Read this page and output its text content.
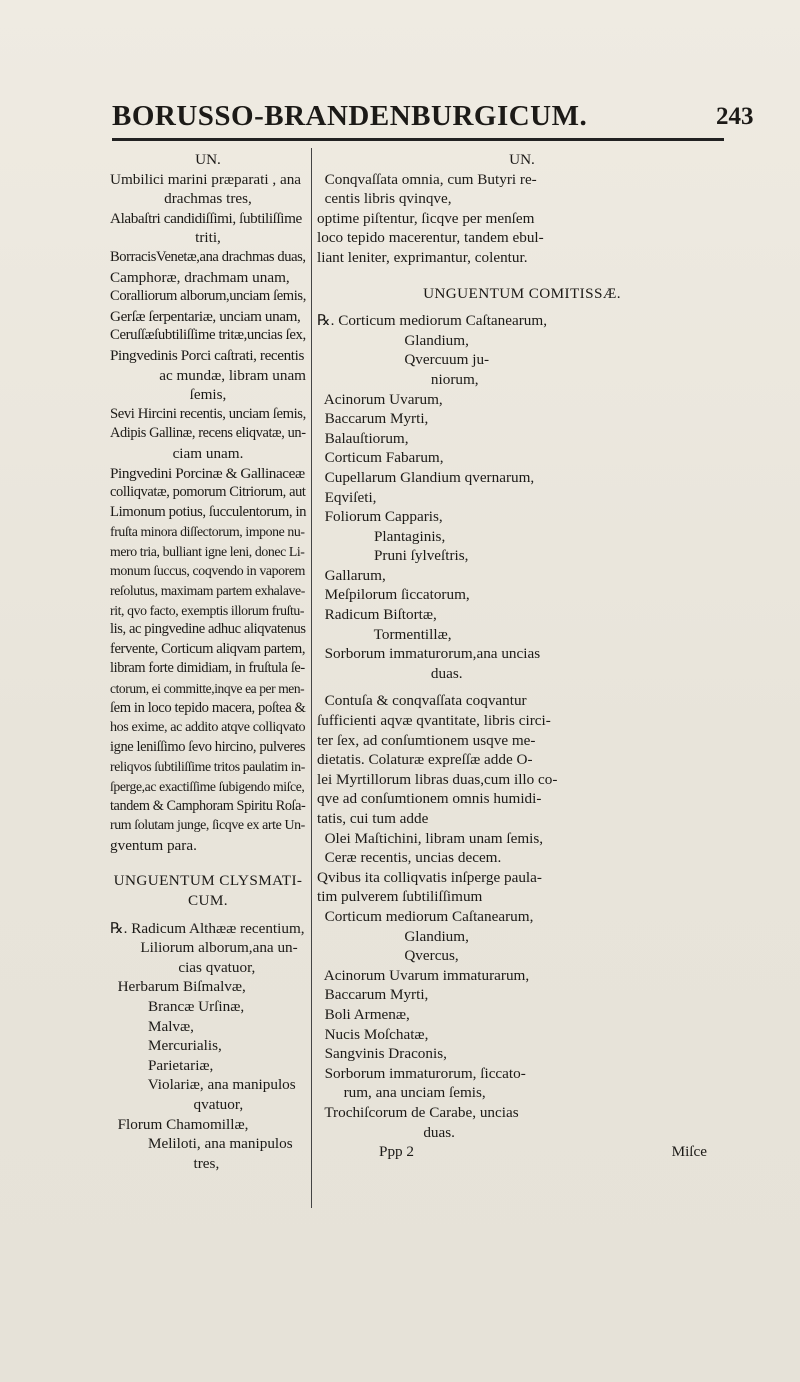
BORUSSO-BRANDENBURGICUM.	243
UN.
Umbilici marini præparati , ana
drachmas tres,
Alabaſtri candidiſſimi, ſubtiliſſime
triti,
BorracisVenetæ,ana drachmas duas,
Camphoræ, drachmam unam,
Coralliorum alborum,unciam ſemis,
Gerſæ ſerpentariæ, unciam unam,
Ceruſſæſubtiliſſime tritæ,uncias ſex,
Pingvedinis Porci caſtrati, recentis
ac mundæ, libram unam
ſemis,
Sevi Hircini recentis, unciam ſemis,
Adipis Gallinæ, recens eliqvatæ, un-
ciam unam.
Pingvedini Porcinæ & Gallinaceæ
colliqvatæ, pomorum Citriorum, aut
Limonum potius, ſucculentorum, in
fruſta minora diſſectorum, impone nu-
mero tria, bulliant igne leni, donec Li-
monum ſuccus, coqvendo in vaporem
reſolutus, maximam partem exhalave-
rit, qvo facto, exemptis illorum fruſtu-
lis, ac pingvedine adhuc aliqvatenus
fervente, Corticum aliqvam partem,
libram forte dimidiam, in fruſtula ſe-
ctorum, ei committe,inqve ea per men-
ſem in loco tepido macera, poſtea &
hos exime, ac addito atqve colliqvato
igne leniſſimo ſevo hircino, pulveres
reliqvos ſubtiliſſime tritos paulatim in-
ſperge,ac exactiſſime ſubigendo miſce,
tandem & Camphoram Spiritu Roſa-
rum ſolutam junge, ſicqve ex arte Un-
gventum para.
UNGUENTUM CLYSMATI-
CUM.
℞. Radicum Althææ recentium,
Liliorum alborum,ana un-
cias qvatuor,
Herbarum Biſmalvæ,
Brancæ Urſinæ,
Malvæ,
Mercurialis,
Parietariæ,
Violariæ, ana manipulos
qvatuor,
Florum Chamomillæ,
Meliloti, ana manipulos
tres,
UN.
Conqvaſſata omnia, cum Butyri re-
centis libris qvinqve,
optime piſtentur, ſicqve per menſem
loco tepido macerentur, tandem ebul-
liant leniter, exprimantur, colentur.
UNGUENTUM COMITISSÆ.
℞. Corticum mediorum Caſtanearum,
Glandium,
Qvercuum ju-
niorum,
Acinorum Uvarum,
Baccarum Myrti,
Balauſtiorum,
Corticum Fabarum,
Cupellarum Glandium qvernarum,
Eqviſeti,
Foliorum Capparis,
Plantaginis,
Pruni ſylveſtris,
Gallarum,
Meſpilorum ſiccatorum,
Radicum Biſtortæ,
Tormentillæ,
Sorborum immaturorum,ana uncias
duas.
Contuſa & conqvaſſata coqvantur
ſufficienti aqvæ qvantitate, libris circi-
ter ſex, ad conſumtionem usqve me-
dietatis. Colaturæ expreſſæ adde O-
lei Myrtillorum libras duas,cum illo co-
qve ad conſumtionem omnis humidi-
tatis, cui tum adde
Olei Maſtichini, libram unam ſemis,
Ceræ recentis, uncias decem.
Qvibus ita colliqvatis inſperge paula-
tim pulverem ſubtiliſſimum
Corticum mediorum Caſtanearum,
Glandium,
Qvercus,
Acinorum Uvarum immaturarum,
Baccarum Myrti,
Boli Armenæ,
Nucis Moſchatæ,
Sangvinis Draconis,
Sorborum immaturorum, ſiccato-
rum, ana unciam ſemis,
Trochiſcorum de Carabe, uncias
duas.
Ppp 2	Miſce
